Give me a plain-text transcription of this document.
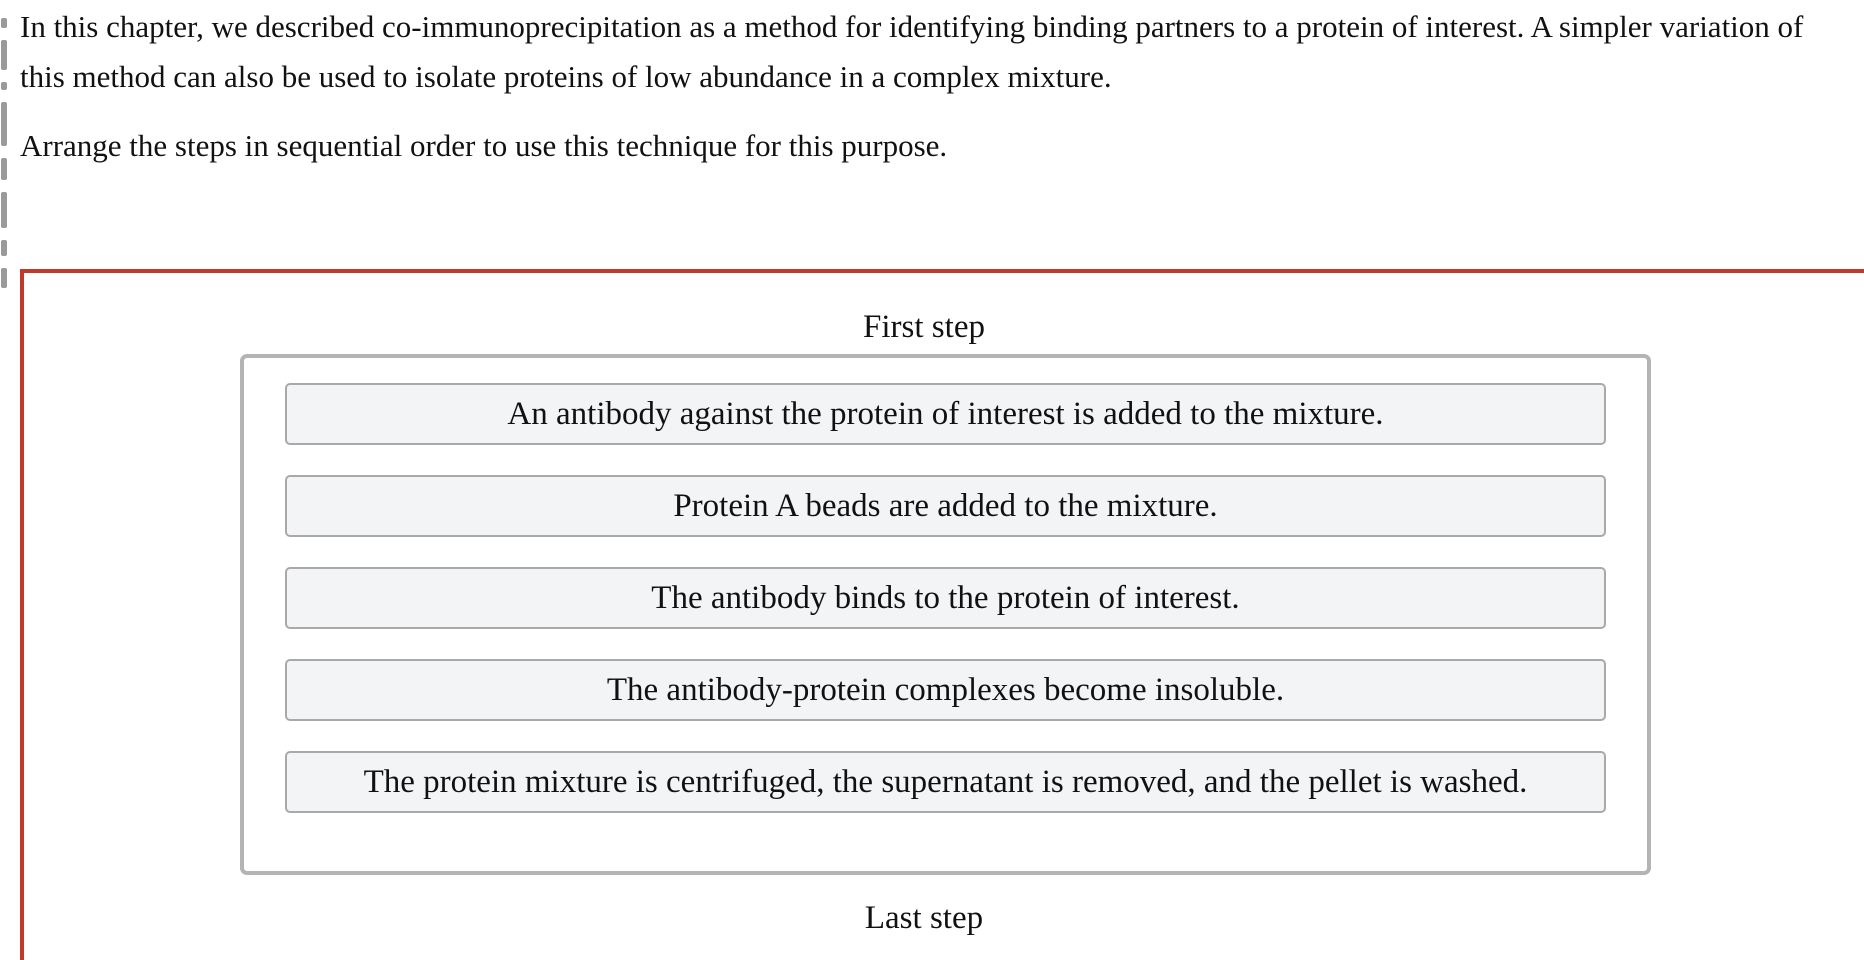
In this chapter, we described co-immunoprecipitation as a method for identifying binding partners to a protein of interest. A simpler variation of this method can also be used to isolate proteins of low abundance in a complex mixture.

Arrange the steps in sequential order to use this technique for this purpose.

First step
An antibody against the protein of interest is added to the mixture.
Protein A beads are added to the mixture.
The antibody binds to the protein of interest.
The antibody-protein complexes become insoluble.
The protein mixture is centrifuged, the supernatant is removed, and the pellet is washed.
Last step
